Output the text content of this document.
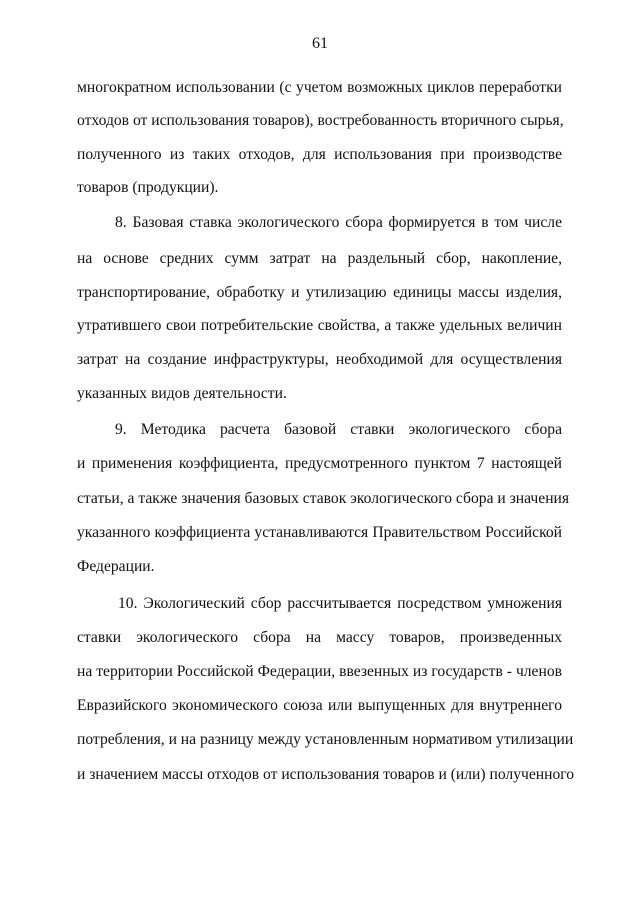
61
многократном использовании (с учетом возможных циклов переработки
отходов от использования товаров), востребованность вторичного сырья,
полученного из таких отходов, для использования при производстве
товаров (продукции).
8. Базовая ставка экологического сбора формируется в том числе
на основе средних сумм затрат на раздельный сбор, накопление,
транспортирование, обработку и утилизацию единицы массы изделия,
утратившего свои потребительские свойства, а также удельных величин
затрат на создание инфраструктуры, необходимой для осуществления
указанных видов деятельности.
9. Методика расчета базовой ставки экологического сбора
и применения коэффициента, предусмотренного пунктом 7 настоящей
статьи, а также значения базовых ставок экологического сбора и значения
указанного коэффициента устанавливаются Правительством Российской
Федерации.
10. Экологический сбор рассчитывается посредством умножения
ставки экологического сбора на массу товаров, произведенных
на территории Российской Федерации, ввезенных из государств - членов
Евразийского экономического союза или выпущенных для внутреннего
потребления, и на разницу между установленным нормативом утилизации
и значением массы отходов от использования товаров и (или) полученного
